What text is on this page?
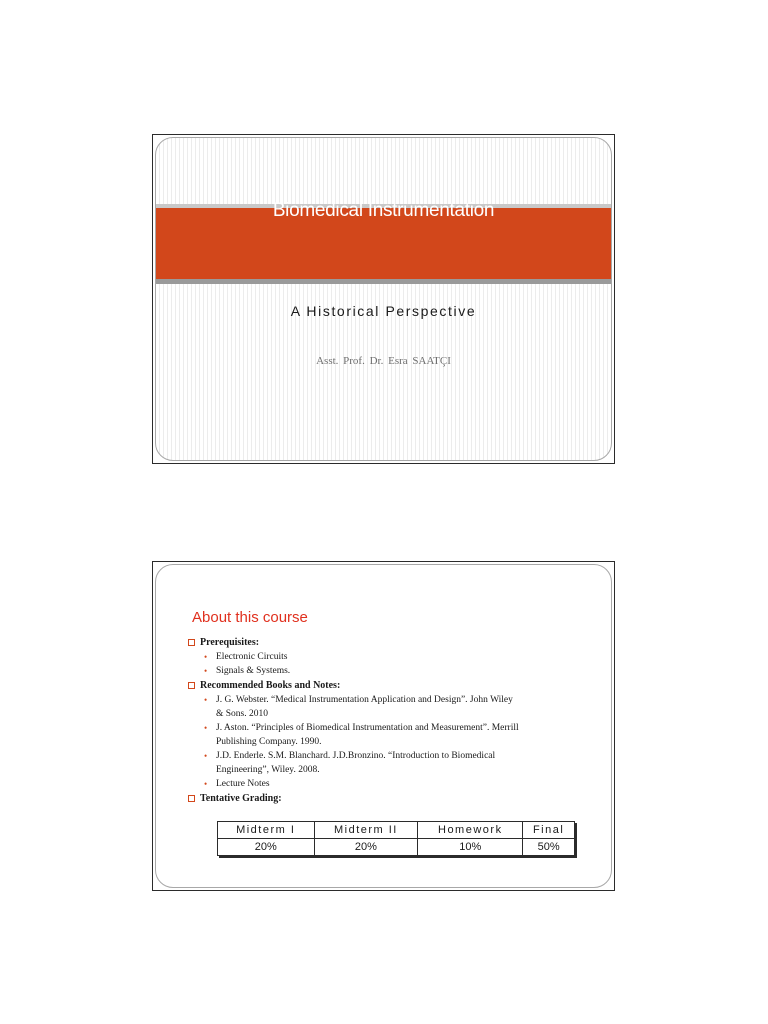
Biomedical Instrumentation
A Historical Perspective
Asst. Prof. Dr. Esra SAATÇI
About this course
Prerequisites:
• Electronic Circuits
• Signals & Systems.
Recommended Books and Notes:
• J. G. Webster. “Medical Instrumentation Application and Design”. John Wiley
& Sons. 2010
• J. Aston. “Principles of Biomedical Instrumentation and Measurement”. Merrill
Publishing Company. 1990.
• J.D. Enderle. S.M. Blanchard. J.D.Bronzino. “Introduction to Biomedical
Engineering”, Wiley. 2008.
• Lecture Notes
Tentative Grading:
Midterm I	Midterm II	Homework	Final
20%	20%	10%	50%
